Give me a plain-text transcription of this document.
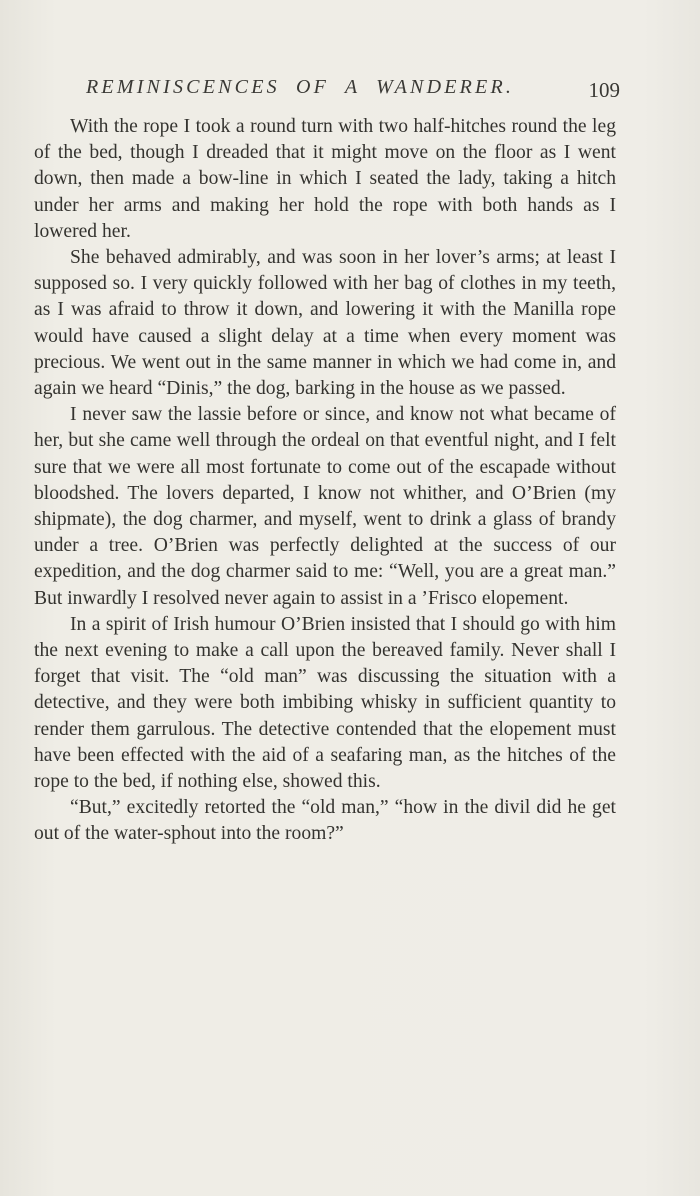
REMINISCENCES OF A WANDERER.	109

With the rope I took a round turn with two half-hitches round the leg of the bed, though I dreaded that it might move on the floor as I went down, then made a bow-line in which I seated the lady, taking a hitch under her arms and making her hold the rope with both hands as I lowered her.

She behaved admirably, and was soon in her lover’s arms; at least I supposed so. I very quickly followed with her bag of clothes in my teeth, as I was afraid to throw it down, and lowering it with the Manilla rope would have caused a slight delay at a time when every moment was precious. We went out in the same manner in which we had come in, and again we heard “Dinis,” the dog, barking in the house as we passed.

I never saw the lassie before or since, and know not what became of her, but she came well through the ordeal on that eventful night, and I felt sure that we were all most fortunate to come out of the escapade without bloodshed. The lovers departed, I know not whither, and O’Brien (my shipmate), the dog charmer, and myself, went to drink a glass of brandy under a tree. O’Brien was perfectly delighted at the success of our expedition, and the dog charmer said to me: “Well, you are a great man.” But inwardly I resolved never again to assist in a ’Frisco elopement.

In a spirit of Irish humour O’Brien insisted that I should go with him the next evening to make a call upon the bereaved family. Never shall I forget that visit. The “old man” was discussing the situation with a detective, and they were both imbibing whisky in sufficient quantity to render them garrulous. The detective contended that the elopement must have been effected with the aid of a seafaring man, as the hitches of the rope to the bed, if nothing else, showed this.

“But,” excitedly retorted the “old man,” “how in the divil did he get out of the water-sphout into the room?”
